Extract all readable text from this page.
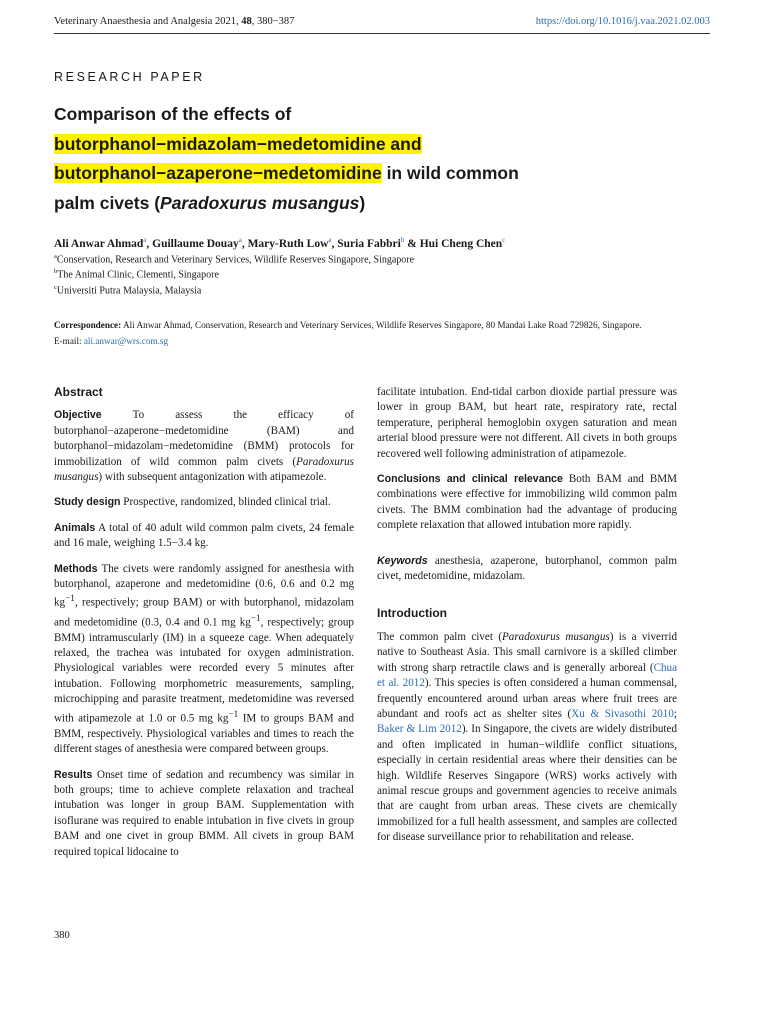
Veterinary Anaesthesia and Analgesia 2021, 48, 380−387	https://doi.org/10.1016/j.vaa.2021.02.003
RESEARCH PAPER
Comparison of the effects of
butorphanol−midazolam−medetomidine and
butorphanol−azaperone−medetomidine in wild common
palm civets (Paradoxurus musangus)
Ali Anwar Ahmad$^a$, Guillaume Douay$^a$, Mary-Ruth Low$^a$, Suria Fabbri$^b$ & Hui Cheng Chen$^c$
$^a$Conservation, Research and Veterinary Services, Wildlife Reserves Singapore, Singapore
$^b$The Animal Clinic, Clementi, Singapore
$^c$Universiti Putra Malaysia, Malaysia
Correspondence: Ali Anwar Ahmad, Conservation, Research and Veterinary Services, Wildlife Reserves Singapore, 80 Mandai Lake Road 729826, Singapore.
E-mail: ali.anwar@wrs.com.sg
Abstract

Objective To assess the efficacy of butorphanol−azaperone−medetomidine (BAM) and butorphanol−midazolam−medetomidine (BMM) protocols for immobilization of wild common palm civets (Paradoxurus musangus) with subsequent antagonization with atipamezole.

Study design Prospective, randomized, blinded clinical trial.

Animals A total of 40 adult wild common palm civets, 24 female and 16 male, weighing 1.5−3.4 kg.

Methods The civets were randomly assigned for anesthesia with butorphanol, azaperone and medetomidine (0.6, 0.6 and 0.2 mg $kg^{-1}$, respectively; group BAM) or with butorphanol, midazolam and medetomidine (0.3, 0.4 and 0.1 mg $kg^{-1}$, respectively; group BMM) intramuscularly (IM) in a squeeze cage. When adequately relaxed, the trachea was intubated for oxygen administration. Physiological variables were recorded every 5 minutes after intubation. Following morphometric measurements, sampling, microchipping and parasite treatment, medetomidine was reversed with atipamezole at 1.0 or 0.5 mg $kg^{-1}$ IM to groups BAM and BMM, respectively. Physiological variables and times to reach the different stages of anesthesia were compared between groups.

Results Onset time of sedation and recumbency was similar in both groups; time to achieve complete relaxation and tracheal intubation was longer in group BAM. Supplementation with isoflurane was required to enable intubation in five civets in group BAM and one civet in group BMM. All civets in group BAM required topical lidocaine to

facilitate intubation. End-tidal carbon dioxide partial pressure was lower in group BAM, but heart rate, respiratory rate, rectal temperature, peripheral hemoglobin oxygen saturation and mean arterial blood pressure were not different. All civets in both groups recovered well following administration of atipamezole.

Conclusions and clinical relevance Both BAM and BMM combinations were effective for immobilizing wild common palm civets. The BMM combination had the advantage of producing complete relaxation that allowed intubation more rapidly.

Keywords anesthesia, azaperone, butorphanol, common palm civet, medetomidine, midazolam.

Introduction

The common palm civet (Paradoxurus musangus) is a viverrid native to Southeast Asia. This small carnivore is a skilled climber with strong sharp retractile claws and is generally arboreal (Chua et al. 2012). This species is often considered a human commensal, frequently encountered around urban areas where fruit trees are abundant and roofs act as shelter sites (Xu & Sivasothi 2010; Baker & Lim 2012). In Singapore, the civets are widely distributed and often implicated in human−wildlife conflict situations, especially in certain residential areas where their densities can be high. Wildlife Reserves Singapore (WRS) works actively with animal rescue groups and government agencies to receive animals that are caught from urban areas. These civets are chemically immobilized for a full health assessment, and samples are collected for disease surveillance prior to rehabilitation and release.

380
